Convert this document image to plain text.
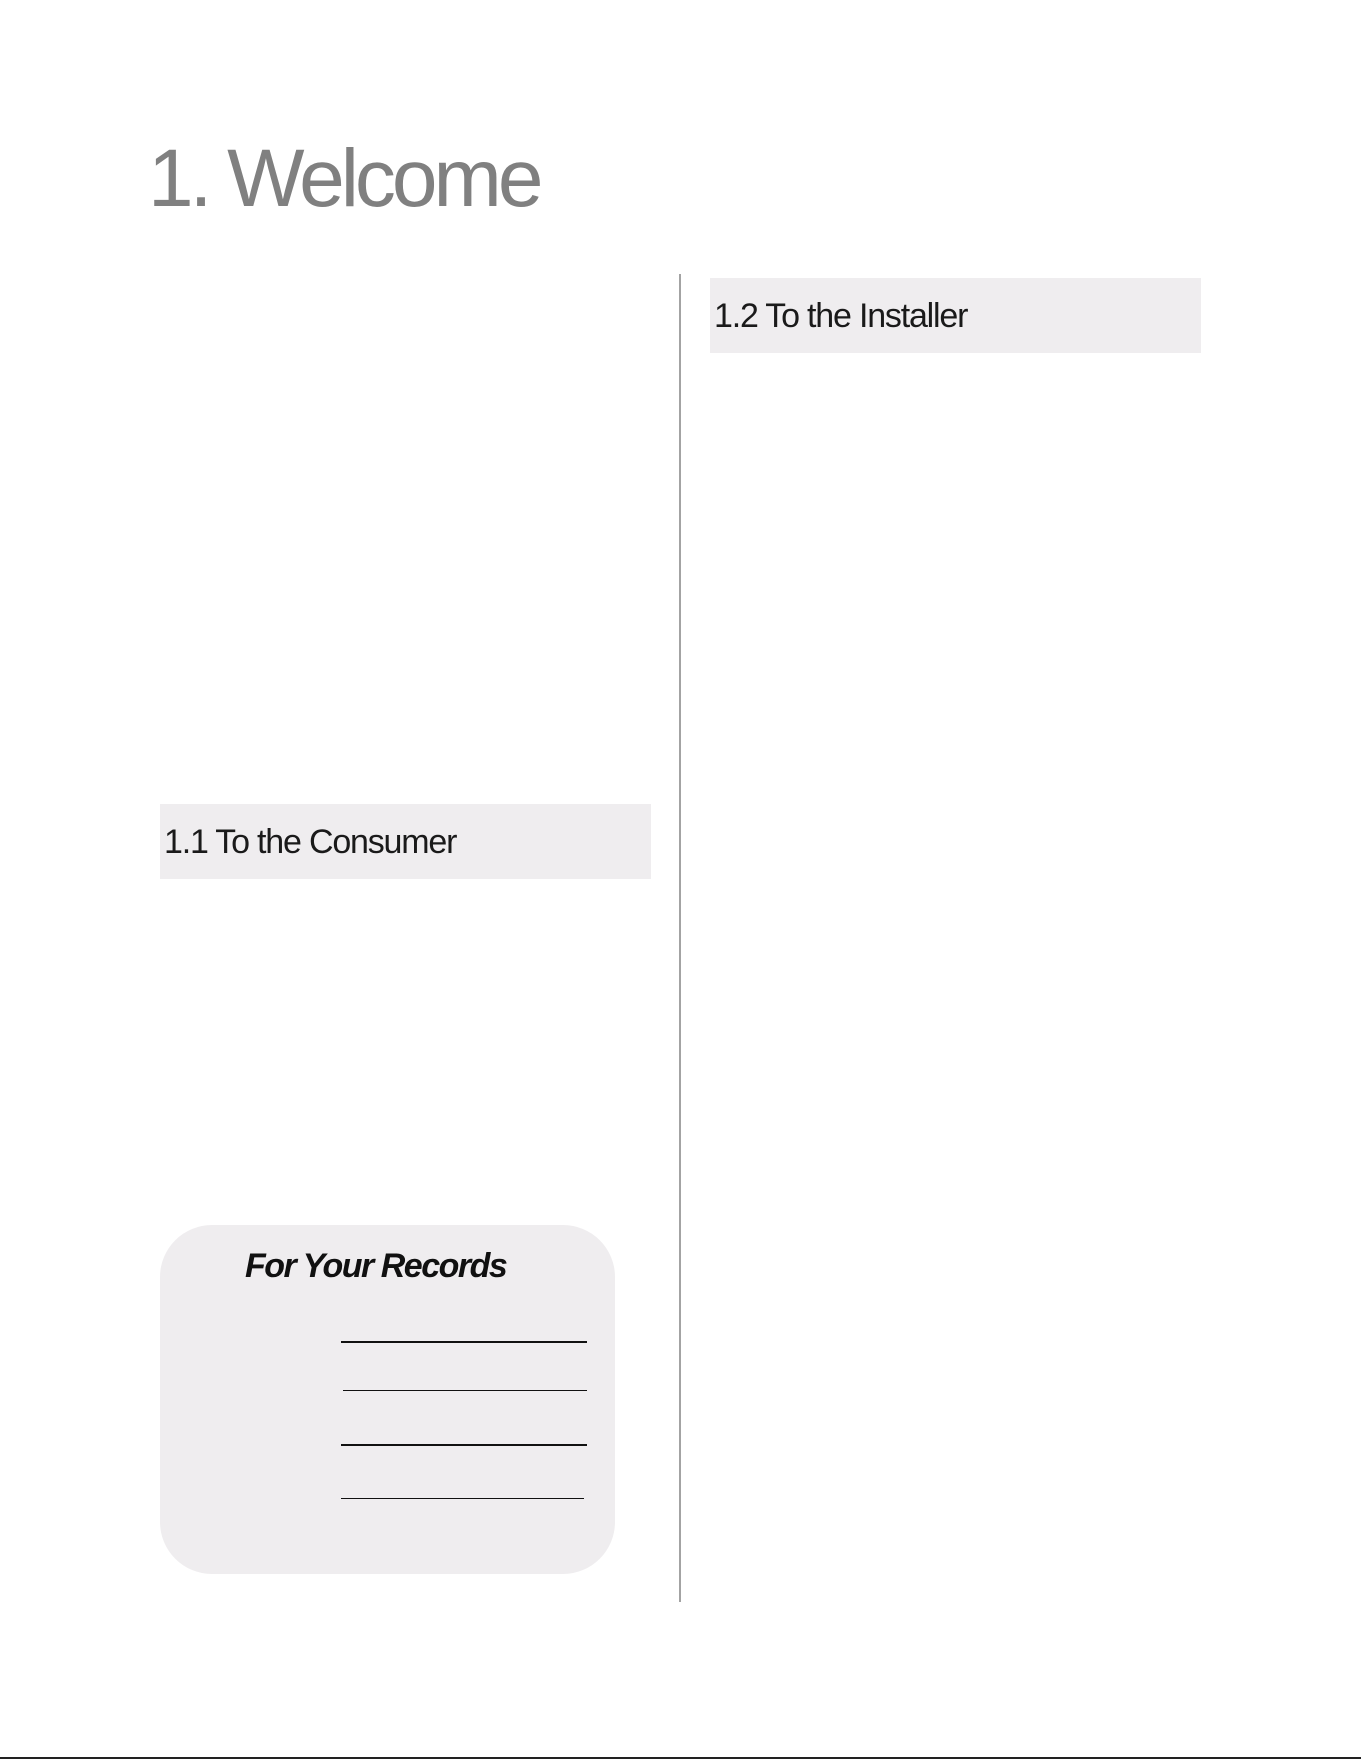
1. Welcome
1.1 To the Consumer
1.2 To the Installer
For Your Records
